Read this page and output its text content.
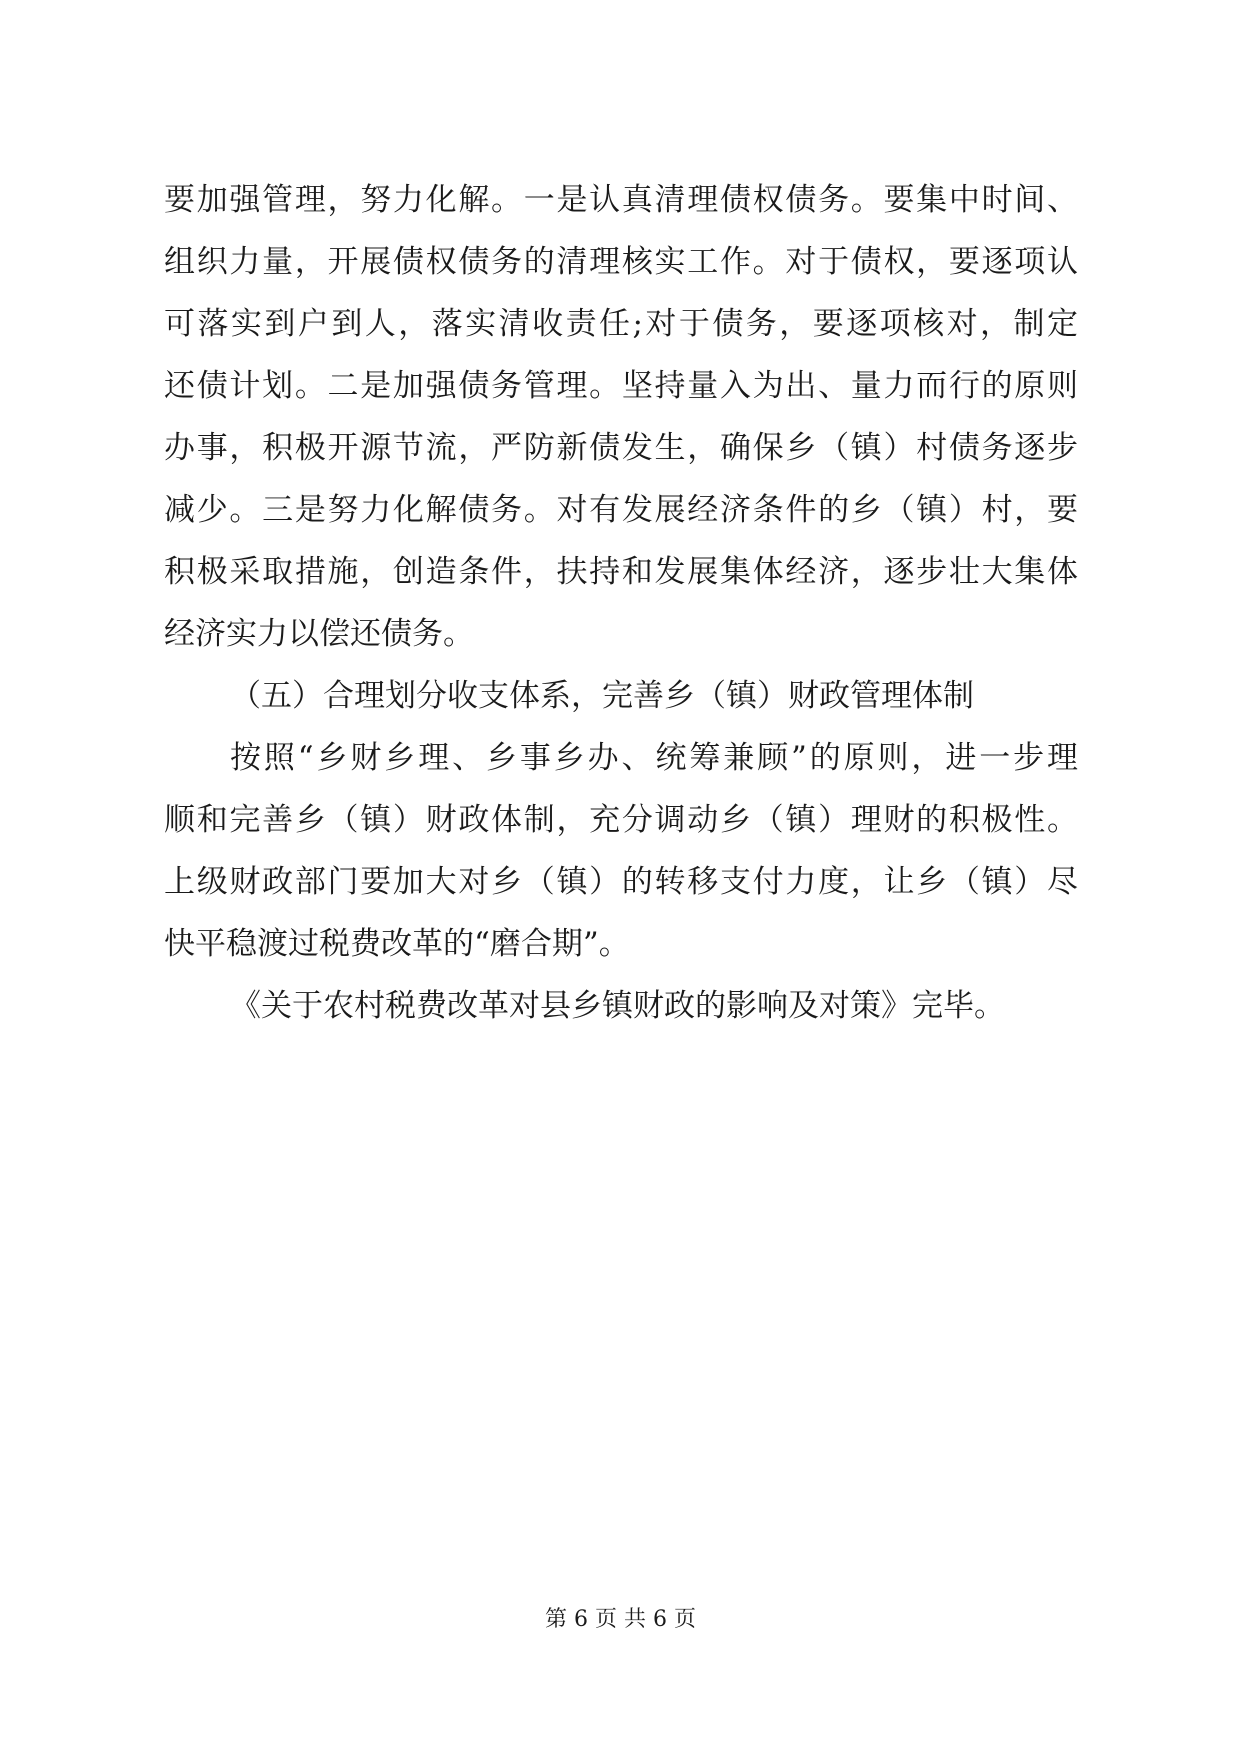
要加强管理，努力化解。一是认真清理债权债务。要集中时间、
组织力量，开展债权债务的清理核实工作。对于债权，要逐项认
可落实到户到人，落实清收责任;对于债务，要逐项核对，制定
还债计划。二是加强债务管理。坚持量入为出、量力而行的原则
办事，积极开源节流，严防新债发生，确保乡（镇）村债务逐步
减少。三是努力化解债务。对有发展经济条件的乡（镇）村，要
积极采取措施，创造条件，扶持和发展集体经济，逐步壮大集体
经济实力以偿还债务。
（五）合理划分收支体系，完善乡（镇）财政管理体制
按照“乡财乡理、乡事乡办、统筹兼顾”的原则，进一步理
顺和完善乡（镇）财政体制，充分调动乡（镇）理财的积极性。
上级财政部门要加大对乡（镇）的转移支付力度，让乡（镇）尽
快平稳渡过税费改革的“磨合期”。
《关于农村税费改革对县乡镇财政的影响及对策》完毕。
第 6 页 共 6 页
